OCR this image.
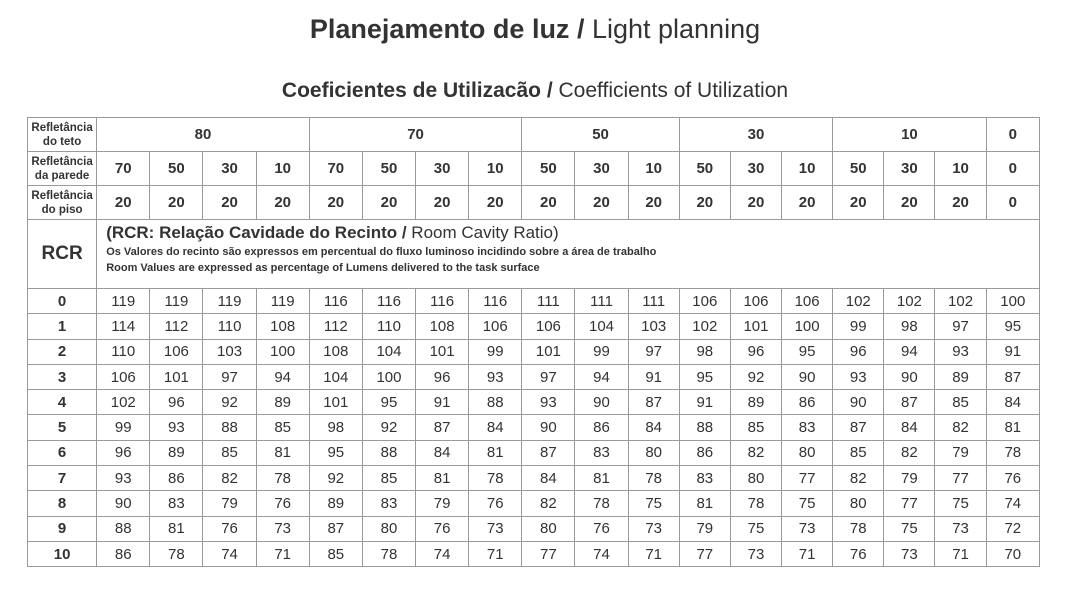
Planejamento de luz / Light planning
Coeficientes de Utilizacão / Coefficients of Utilization
Refletância
do teto	80				70				50			30			10			0
Refletância
da parede	70	50	30	10	70	50	30	10	50	30	10	50	30	10	50	30	10	0
Refletância
do piso	20	20	20	20	20	20	20	20	20	20	20	20	20	20	20	20	20	0
RCR	(RCR: Relação Cavidade do Recinto / Room Cavity Ratio)
Os Valores do recinto são expressos em percentual do fluxo luminoso incidindo sobre a área de trabalho
Room Values are expressed as percentage of Lumens delivered to the task surface																	

0	119	119	119	119	116	116	116	116	111	111	111	106	106	106	102	102	102	100
1	114	112	110	108	112	110	108	106	106	104	103	102	101	100	99	98	97	95
2	110	106	103	100	108	104	101	99	101	99	97	98	96	95	96	94	93	91
3	106	101	97	94	104	100	96	93	97	94	91	95	92	90	93	90	89	87
4	102	96	92	89	101	95	91	88	93	90	87	91	89	86	90	87	85	84
5	99	93	88	85	98	92	87	84	90	86	84	88	85	83	87	84	82	81
6	96	89	85	81	95	88	84	81	87	83	80	86	82	80	85	82	79	78
7	93	86	82	78	92	85	81	78	84	81	78	83	80	77	82	79	77	76
8	90	83	79	76	89	83	79	76	82	78	75	81	78	75	80	77	75	74
9	88	81	76	73	87	80	76	73	80	76	73	79	75	73	78	75	73	72
10	86	78	74	71	85	78	74	71	77	74	71	77	73	71	76	73	71	70
